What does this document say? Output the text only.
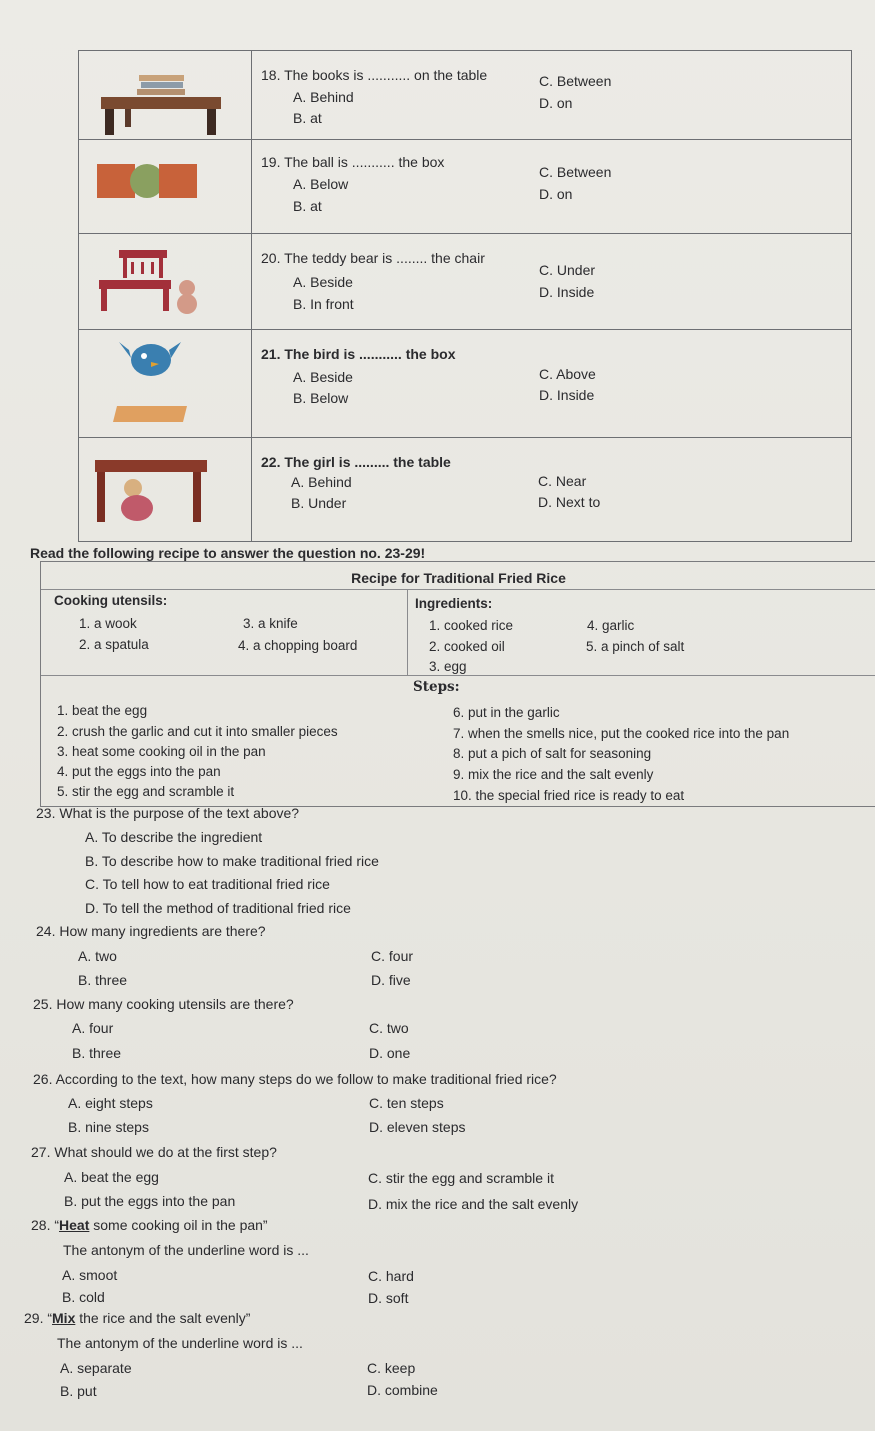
18. The books is ........... on the table
A. Behind
B. at
C. Between
D. on
19. The ball is ........... the box
A. Below
B. at
C. Between
D. on
20. The teddy bear is ........ the chair
A. Beside
B. In front
C. Under
D. Inside
21. The bird is ........... the box
A. Beside
B. Below
C. Above
D. Inside
22. The girl is ......... the table
A. Behind
B. Under
C. Near
D. Next to
Read the following recipe to answer the question no. 23-29!
Recipe for Traditional Fried Rice
Cooking utensils:
1. a wook
2. a spatula
3. a knife
4. a chopping board
Ingredients:
1. cooked rice
2. cooked oil
3. egg
4. garlic
5. a pinch of salt
Steps:
1. beat the egg
2. crush the garlic and cut it into smaller pieces
3. heat some cooking oil in the pan
4. put the eggs into the pan
5. stir the egg and scramble it
6. put in the garlic
7. when the smells nice, put the cooked rice into the pan
8. put a pich of salt for seasoning
9. mix the rice and the salt evenly
10. the special fried rice is ready to eat
23. What is the purpose of the text above?
A. To describe the ingredient
B. To describe how to make traditional fried rice
C. To tell how to eat traditional fried rice
D. To tell the method of traditional fried rice
24. How many ingredients are there?
A. two
B. three
C. four
D. five
25. How many cooking utensils are there?
A. four
B. three
C. two
D. one
26. According to the text, how many steps do we follow to make traditional fried rice?
A. eight steps
B. nine steps
C. ten steps
D. eleven steps
27. What should we do at the first step?
A. beat the egg
B. put the eggs into the pan
C. stir the egg and scramble it
D. mix the rice and the salt evenly
28. “Heat some cooking oil in the pan”
The antonym of the underline word is ...
A. smoot
B. cold
C. hard
D. soft
29. “Mix the rice and the salt evenly”
The antonym of the underline word is ...
A. separate
B. put
C. keep
D. combine
